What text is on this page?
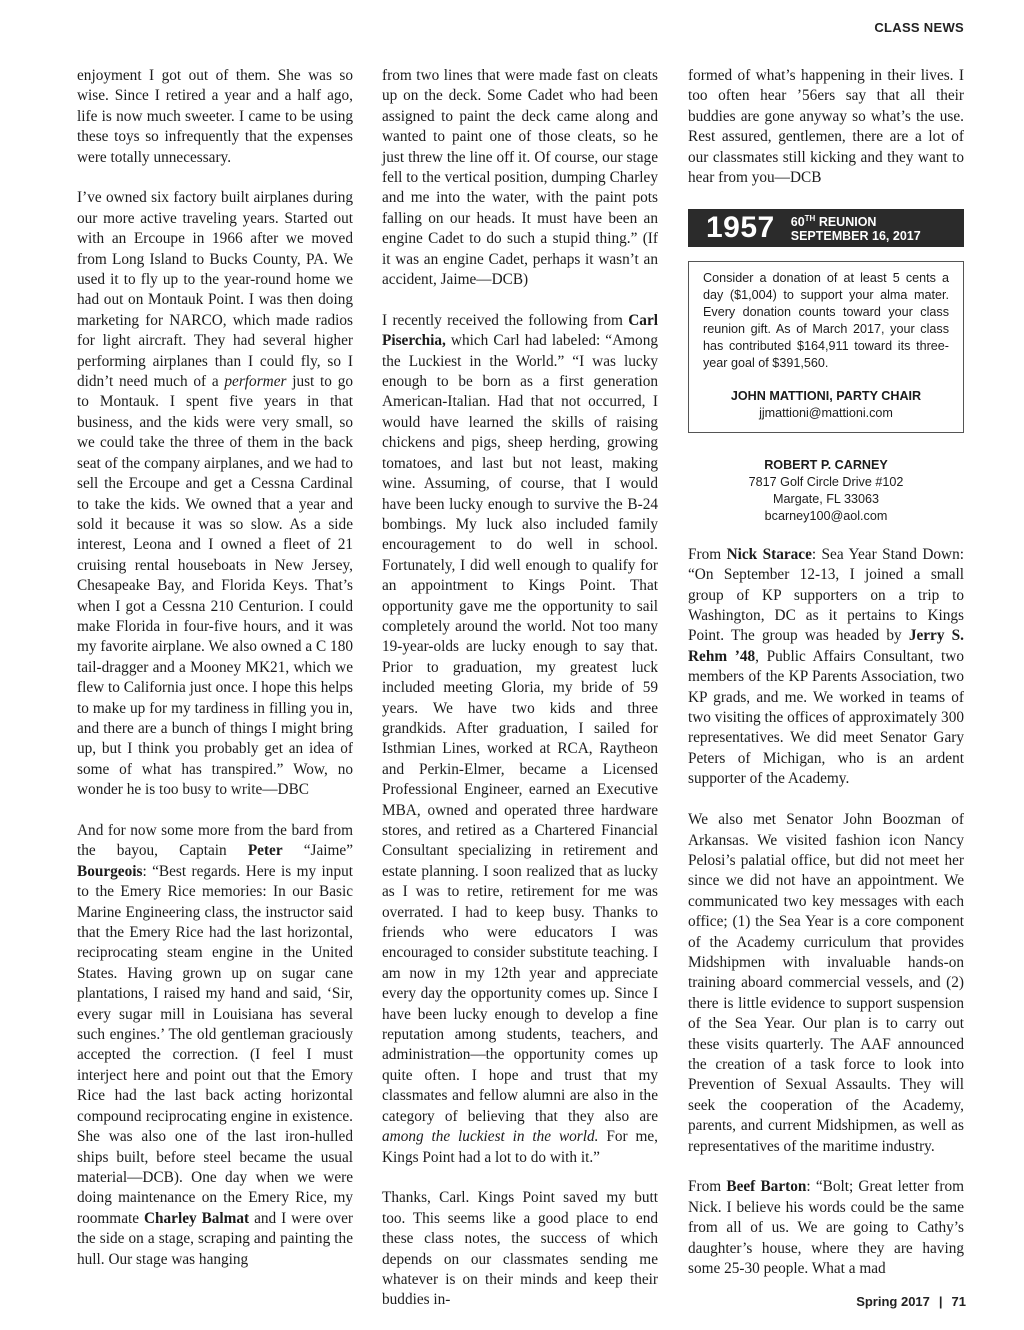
CLASS NEWS

enjoyment I got out of them. She was so wise. Since I retired a year and a half ago, life is now much sweeter. I came to be using these toys so infrequently that the expenses were totally unnecessary.

I’ve owned six factory built airplanes during our more active traveling years. Started out with an Ercoupe in 1966 after we moved from Long Island to Bucks County, PA. We used it to fly up to the year-round home we had out on Montauk Point. I was then doing marketing for NARCO, which made radios for light aircraft. They had several higher performing airplanes than I could fly, so I didn’t need much of a performer just to go to Montauk. I spent five years in that business, and the kids were very small, so we could take the three of them in the back seat of the company airplanes, and we had to sell the Ercoupe and get a Cessna Cardinal to take the kids. We owned that a year and sold it because it was so slow. As a side interest, Leona and I owned a fleet of 21 cruising rental houseboats in New Jersey, Chesapeake Bay, and Florida Keys. That’s when I got a Cessna 210 Centurion. I could make Florida in four-five hours, and it was my favorite airplane. We also owned a C 180 tail-dragger and a Mooney MK21, which we flew to California just once. I hope this helps to make up for my tardiness in filling you in, and there are a bunch of things I might bring up, but I think you probably get an idea of some of what has transpired.” Wow, no wonder he is too busy to write—DBC

And for now some more from the bard from the bayou, Captain Peter “Jaime” Bourgeois: “Best regards. Here is my input to the Emery Rice memories: In our Basic Marine Engineering class, the instructor said that the Emery Rice had the last horizontal, reciprocating steam engine in the United States. Having grown up on sugar cane plantations, I raised my hand and said, ‘Sir, every sugar mill in Louisiana has several such engines.’ The old gentleman graciously accepted the correction. (I feel I must interject here and point out that the Emory Rice had the last back acting horizontal compound reciprocating engine in existence. She was also one of the last iron-hulled ships built, before steel became the usual material—DCB). One day when we were doing maintenance on the Emery Rice, my roommate Charley Balmat and I were over the side on a stage, scraping and painting the hull. Our stage was hanging

from two lines that were made fast on cleats up on the deck. Some Cadet who had been assigned to paint the deck came along and wanted to paint one of those cleats, so he just threw the line off it. Of course, our stage fell to the vertical position, dumping Charley and me into the water, with the paint pots falling on our heads. It must have been an engine Cadet to do such a stupid thing.” (If it was an engine Cadet, perhaps it wasn’t an accident, Jaime—DCB)

I recently received the following from Carl Piserchia, which Carl had labeled: “Among the Luckiest in the World.” “I was lucky enough to be born as a first generation American-Italian. Had that not occurred, I would have learned the skills of raising chickens and pigs, sheep herding, growing tomatoes, and last but not least, making wine. Assuming, of course, that I would have been lucky enough to survive the B-24 bombings. My luck also included family encouragement to do well in school. Fortunately, I did well enough to qualify for an appointment to Kings Point. That opportunity gave me the opportunity to sail completely around the world. Not too many 19-year-olds are lucky enough to say that. Prior to graduation, my greatest luck included meeting Gloria, my bride of 59 years. We have two kids and three grandkids. After graduation, I sailed for Isthmian Lines, worked at RCA, Raytheon and Perkin-Elmer, became a Licensed Professional Engineer, earned an Executive MBA, owned and operated three hardware stores, and retired as a Chartered Financial Consultant specializing in retirement and estate planning. I soon realized that as lucky as I was to retire, retirement for me was overrated. I had to keep busy. Thanks to friends who were educators I was encouraged to consider substitute teaching. I am now in my 12th year and appreciate every day the opportunity comes up. Since I have been lucky enough to develop a fine reputation among students, teachers, and administration—the opportunity comes up quite often. I hope and trust that my classmates and fellow alumni are also in the category of believing that they also are among the luckiest in the world. For me, Kings Point had a lot to do with it.”

Thanks, Carl. Kings Point saved my butt too. This seems like a good place to end these class notes, the success of which depends on our classmates sending me whatever is on their minds and keep their buddies in-

formed of what’s happening in their lives. I too often hear ’56ers say that all their buddies are gone anyway so what’s the use. Rest assured, gentlemen, there are a lot of our classmates still kicking and they want to hear from you—DCB

1957 60TH REUNION
SEPTEMBER 16, 2017
Consider a donation of at least 5 cents a day ($1,004) to support your alma mater. Every donation counts toward your class reunion gift. As of March 2017, your class has contributed $164,911 toward its three-year goal of $391,560.
JOHN MATTIONI, PARTY CHAIR
jjmattioni@mattioni.com
ROBERT P. CARNEY
7817 Golf Circle Drive #102
Margate, FL 33063
bcarney100@aol.com

From Nick Starace: Sea Year Stand Down: “On September 12-13, I joined a small group of KP supporters on a trip to Washington, DC as it pertains to Kings Point. The group was headed by Jerry S. Rehm ’48, Public Affairs Consultant, two members of the KP Parents Association, two KP grads, and me. We worked in teams of two visiting the offices of approximately 300 representatives. We did meet Senator Gary Peters of Michigan, who is an ardent supporter of the Academy.

We also met Senator John Boozman of Arkansas. We visited fashion icon Nancy Pelosi’s palatial office, but did not meet her since we did not have an appointment. We communicated two key messages with each office; (1) the Sea Year is a core component of the Academy curriculum that provides Midshipmen with invaluable hands-on training aboard commercial vessels, and (2) there is little evidence to support suspension of the Sea Year. Our plan is to carry out these visits quarterly. The AAF announced the creation of a task force to look into Prevention of Sexual Assaults. They will seek the cooperation of the Academy, parents, and current Midshipmen, as well as representatives of the maritime industry.

From Beef Barton: “Bolt; Great letter from Nick. I believe his words could be the same from all of us. We are going to Cathy’s daughter’s house, where they are having some 25-30 people. What a mad

Spring 2017 | 71
